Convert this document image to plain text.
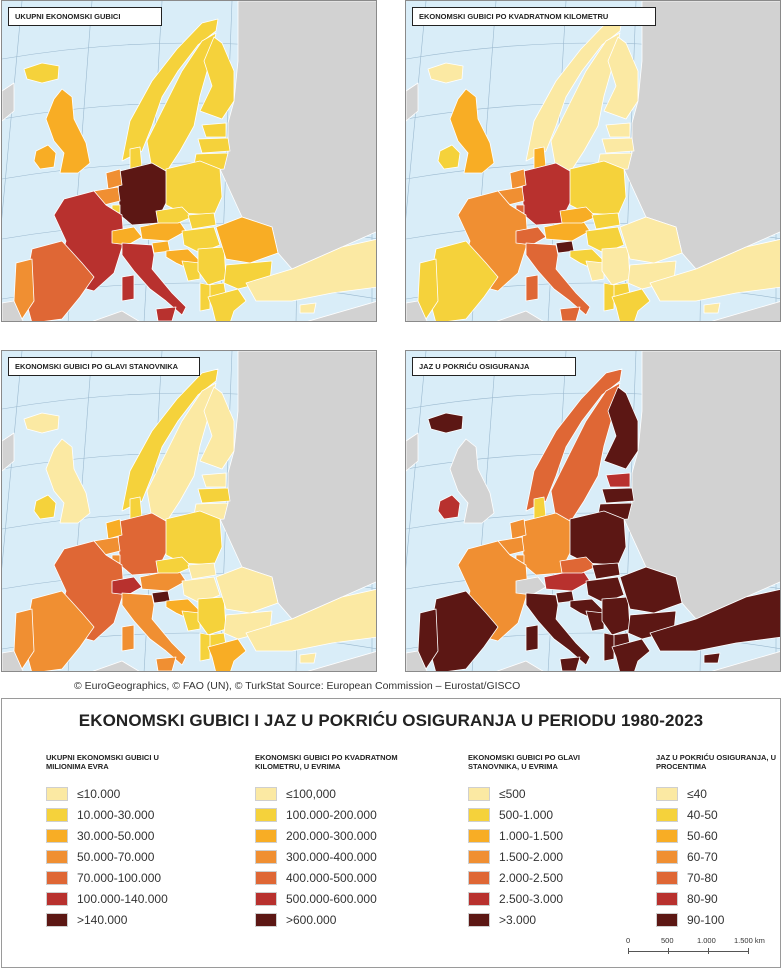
UKUPNI EKONOMSKI GUBICI	EKONOMSKI GUBICI PO KVADRATNOM KILOMETRU
EKONOMSKI GUBICI PO GLAVI STANOVNIKA	JAZ U POKRIĆU OSIGURANJA
© EuroGeographics, © FAO (UN), © TurkStat Source: European Commission – Eurostat/GISCO
EKONOMSKI GUBICI I JAZ U POKRIĆU OSIGURANJA U PERIODU 1980-2023
UKUPNI EKONOMSKI GUBICI U MILIONIMA EVRA
≤10.000
10.000-30.000
30.000-50.000
50.000-70.000
70.000-100.000
100.000-140.000
>140.000
EKONOMSKI GUBICI PO KVADRATNOM KILOMETRU, U EVRIMA
≤100,000
100.000-200.000
200.000-300.000
300.000-400.000
400.000-500.000
500.000-600.000
>600.000
EKONOMSKI GUBICI PO GLAVI STANOVNIKA, U EVRIMA
≤500
500-1.000
1.000-1.500
1.500-2.000
2.000-2.500
2.500-3.000
>3.000
JAZ U POKRIĆU OSIGURANJA, U PROCENTIMA
≤40
40-50
50-60
60-70
70-80
80-90
90-100
0	500	1.000 1.500 km
